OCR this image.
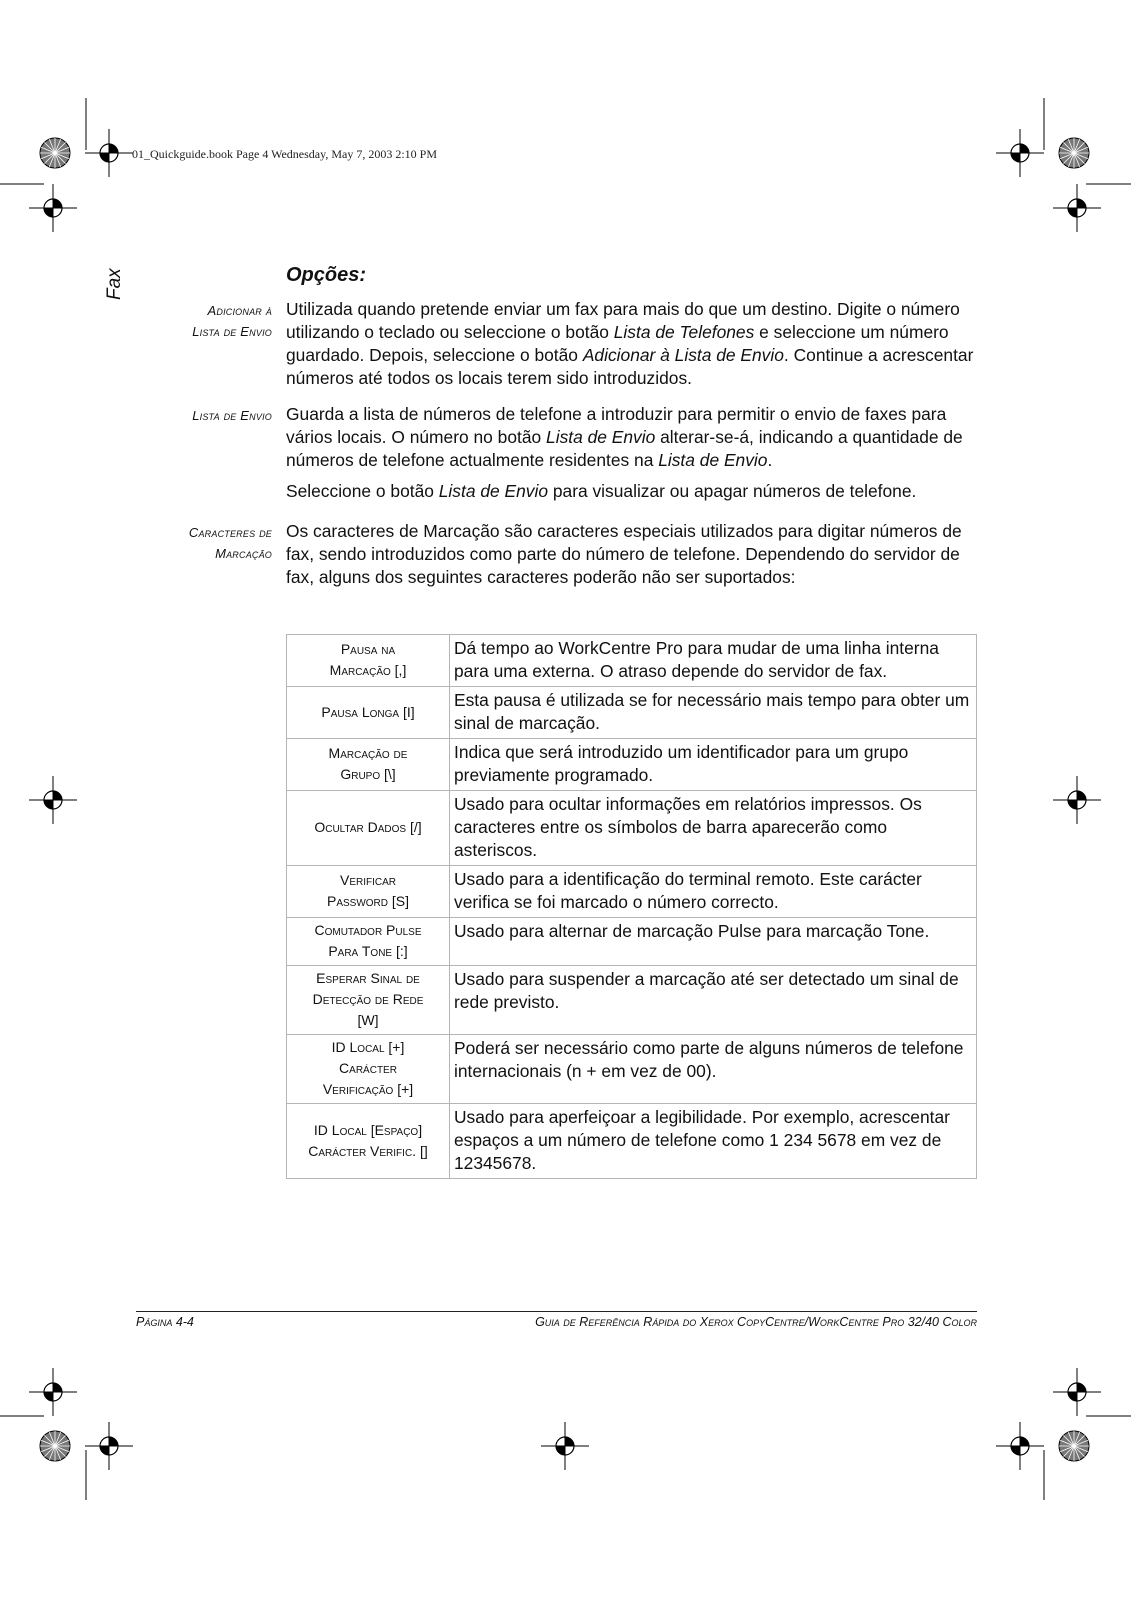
01_Quickguide.book Page 4 Wednesday, May 7, 2003 2:10 PM
Fax	Opções:
Adicionar à
Lista de Envio

Utilizada quando pretende enviar um fax para mais do que um destino. Digite o número utilizando o teclado ou seleccione o botão Lista de Telefones e seleccione um número guardado. Depois, seleccione o botão Adicionar à Lista de Envio. Continue a acrescentar números até todos os locais terem sido introduzidos.

Lista de Envio Guarda a lista de números de telefone a introduzir para permitir o envio de faxes para vários locais. O número no botão Lista de Envio alterar-se-á, indicando a quantidade de números de telefone actualmente residentes na Lista de Envio.

Seleccione o botão Lista de Envio para visualizar ou apagar números de telefone.

Caracteres de
Marcação

Os caracteres de Marcação são caracteres especiais utilizados para digitar números de fax, sendo introduzidos como parte do número de telefone. Dependendo do servidor de fax, alguns dos seguintes caracteres poderão não ser suportados:

Pausa na
Marcação [,]	Dá tempo ao WorkCentre Pro para mudar de uma linha interna para uma externa. O atraso depende do servidor de fax.

Pausa Longa [I]	Esta pausa é utilizada se for necessário mais tempo para obter um sinal de marcação.

Marcação de
Grupo [\]	Indica que será introduzido um identificador para um grupo previamente programado.

Ocultar Dados [/]	Usado para ocultar informações em relatórios impressos. Os caracteres entre os símbolos de barra aparecerão como asteriscos.

Verificar
Password [S]	Usado para a identificação do terminal remoto. Este carácter verifica se foi marcado o número correcto.

Comutador Pulse
Para Tone [:]	Usado para alternar de marcação Pulse para marcação Tone.

Esperar Sinal de
Detecção de Rede
[W]	Usado para suspender a marcação até ser detectado um sinal de rede previsto.

ID Local [+]
Carácter
Verificação [+]	Poderá ser necessário como parte de alguns números de telefone internacionais (n + em vez de 00).

ID Local [Espaço]
Carácter Verific. []	Usado para aperfeiçoar a legibilidade. Por exemplo, acrescentar espaços a um número de telefone como 1 234 5678 em vez de 12345678.
Página 4-4	Guia de Referência Rápida do Xerox CopyCentre/WorkCentre Pro 32/40 Color
